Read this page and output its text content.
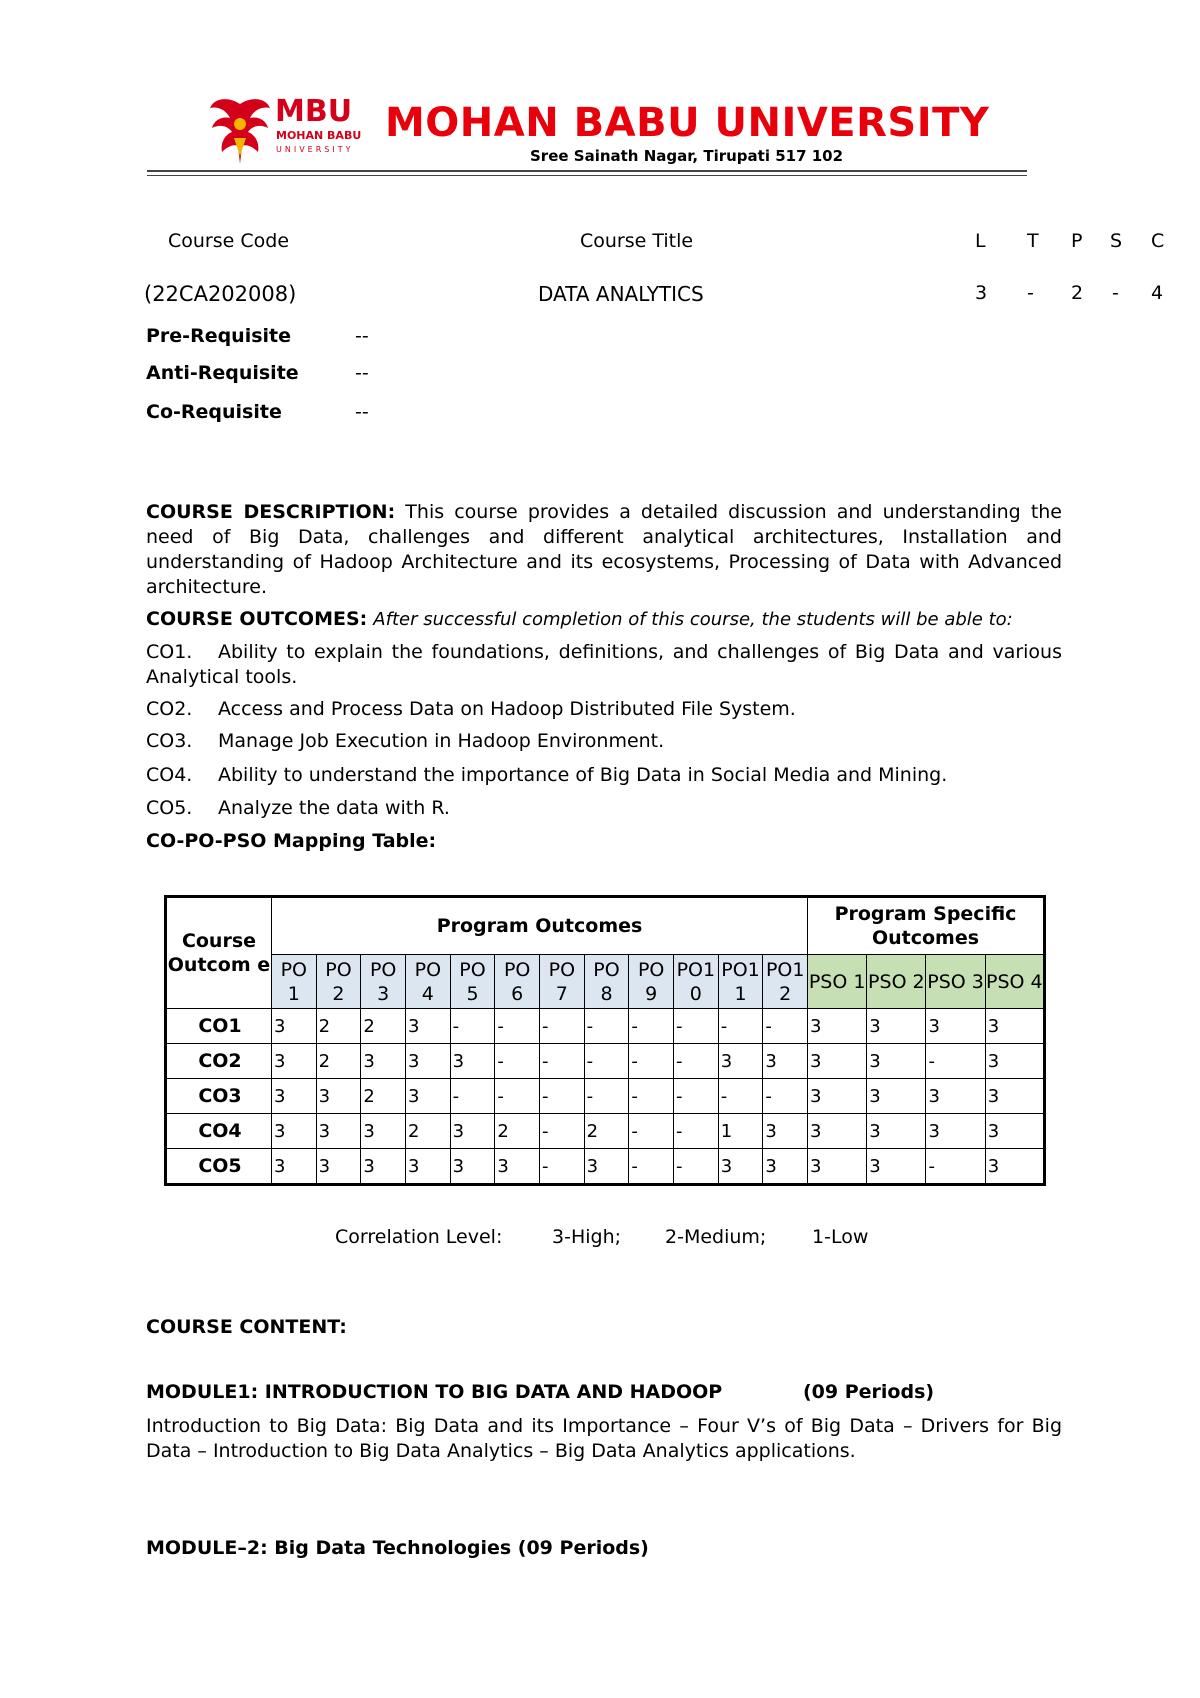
MBU
MOHAN BABU
UNIVERSITY
MOHAN BABU UNIVERSITY
Sree Sainath Nagar, Tirupati 517 102
Course Code	Course Title	L T P S C
(22CA202008)	DATA ANALYTICS	3 - 2 - 4
Pre-Requisite	--
Anti-Requisite	--
Co-Requisite	--
COURSE DESCRIPTION: This course provides a detailed discussion and understanding the need of Big Data, challenges and different analytical architectures, Installation and understanding of Hadoop Architecture and its ecosystems, Processing of Data with Advanced architecture.
COURSE OUTCOMES: After successful completion of this course, the students will be able to:
CO1. Ability to explain the foundations, definitions, and challenges of Big Data and various Analytical tools.
CO2. Access and Process Data on Hadoop Distributed File System.
CO3. Manage Job Execution in Hadoop Environment.
CO4. Ability to understand the importance of Big Data in Social Media and Mining.
CO5. Analyze the data with R.
CO-PO-PSO Mapping Table:
Course Outcom e	Program Outcomes												Program Specific Outcomes			
	PO 1	PO 2	PO 3	PO 4	PO 5	PO 6	PO 7	PO 8	PO 9	PO1 0	PO1 1	PO1 2	PSO 1	PSO 2	PSO 3	PSO 4
CO1	3	2	2	3	-	-	-	-	-	-	-	-	3	3	3	3
CO2	3	2	3	3	3	-	-	-	-	-	3	3	3	3	-	3
CO3	3	3	2	3	-	-	-	-	-	-	-	-	3	3	3	3
CO4	3	3	3	2	3	2	-	2	-	-	1	3	3	3	3	3
CO5	3	3	3	3	3	3	-	3	-	-	3	3	3	3	-	3
Correlation Level:	3-High; 2-Medium; 1-Low
COURSE CONTENT:
MODULE1: INTRODUCTION TO BIG DATA AND HADOOP	(09 Periods)
Introduction to Big Data: Big Data and its Importance – Four V’s of Big Data – Drivers for Big Data – Introduction to Big Data Analytics – Big Data Analytics applications.
MODULE–2: Big Data Technologies (09 Periods)
